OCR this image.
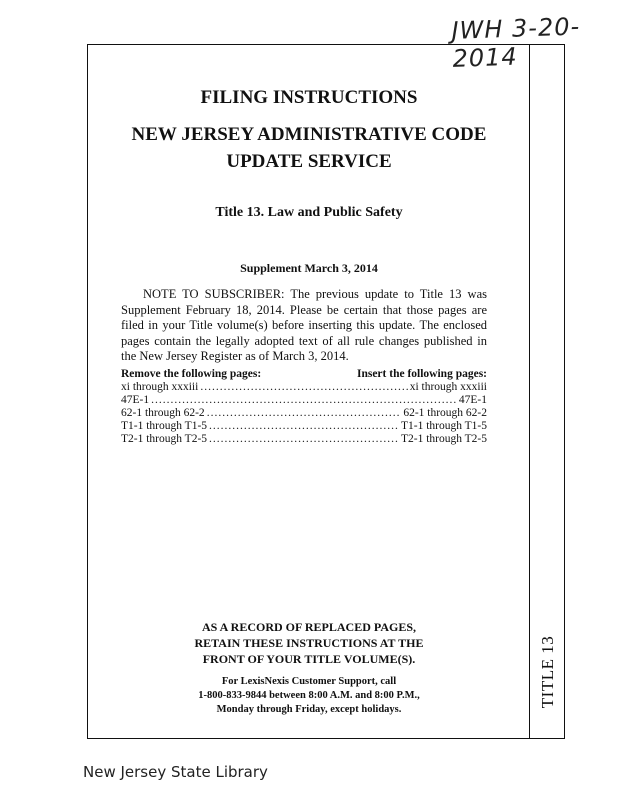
JWH 3-20-2014
TITLE 13
FILING INSTRUCTIONS
NEW JERSEY ADMINISTRATIVE CODE
UPDATE SERVICE
Title 13. Law and Public Safety
Supplement March 3, 2014
NOTE TO SUBSCRIBER: The previous update to Title 13 was Supplement February 18, 2014. Please be certain that those pages are filed in your Title volume(s) before inserting this update. The enclosed pages contain the legally adopted text of all rule changes published in the New Jersey Register as of March 3, 2014.
Remove the following pages:	Insert the following pages:
xi through xxxiii .....	xi through xxxiii
47E-1 .....	47E-1
62-1 through 62-2 .....	62-1 through 62-2
T1-1 through T1-5 .....	T1-1 through T1-5
T2-1 through T2-5 .....	T2-1 through T2-5
AS A RECORD OF REPLACED PAGES,
RETAIN THESE INSTRUCTIONS AT THE
FRONT OF YOUR TITLE VOLUME(S).
For LexisNexis Customer Support, call
1-800-833-9844 between 8:00 A.M. and 8:00 P.M.,
Monday through Friday, except holidays.
New Jersey State Library
